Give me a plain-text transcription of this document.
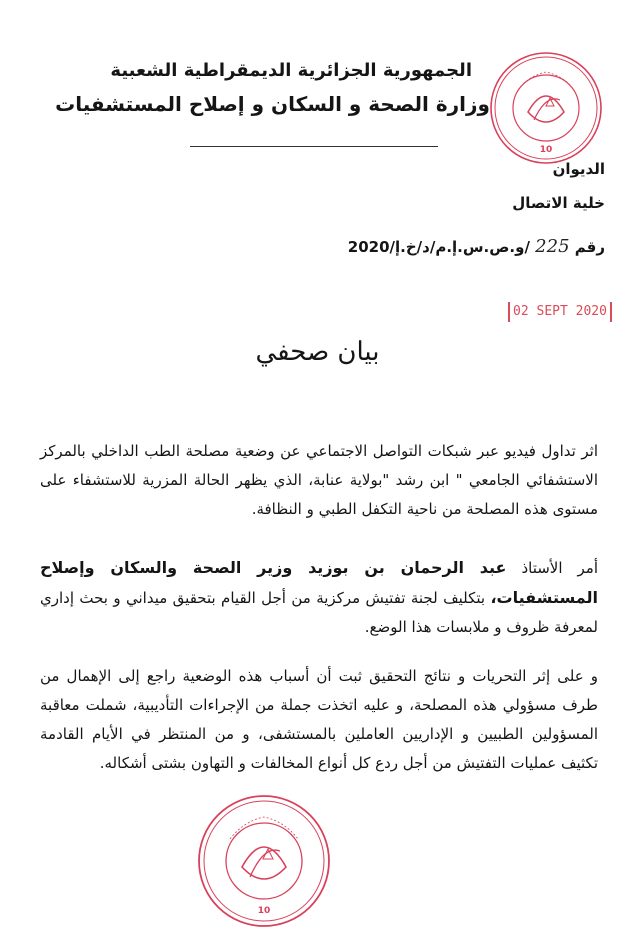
10
الجمهورية الجزائرية الديمقراطية الشعبية
وزارة الصحة و السكان و إصلاح المستشفيات
الديوان
خلية الاتصال
رقم 225 /و.ص.س.إ.م/د/خ.إ/2020
02 SEPT 2020
بيان صحفي
اثر تداول فيديو عبر شبكات التواصل الاجتماعي عن وضعية مصلحة الطب الداخلي بالمركز الاستشفائي الجامعي " ابن رشد "بولاية عنابة، الذي يظهر الحالة المزرية للاستشفاء على مستوى هذه المصلحة من ناحية التكفل الطبي و النظافة.
أمر الأستاذ عبد الرحمان بن بوزيد وزير الصحة والسكان وإصلاح المستشفيات، بتكليف لجنة تفتيش مركزية من أجل القيام بتحقيق ميداني و بحث إداري لمعرفة ظروف و ملابسات هذا الوضع.
و على إثر التحريات و نتائج التحقيق ثبت أن أسباب هذه الوضعية راجع إلى الإهمال من طرف مسؤولي هذه المصلحة، و عليه اتخذت جملة من الإجراءات التأديبية، شملت معاقبة المسؤولين الطبيين و الإداريين العاملين بالمستشفى، و من المنتظر في الأيام القادمة تكثيف عمليات التفتيش من أجل ردع كل أنواع المخالفات و التهاون بشتى أشكاله.
10
